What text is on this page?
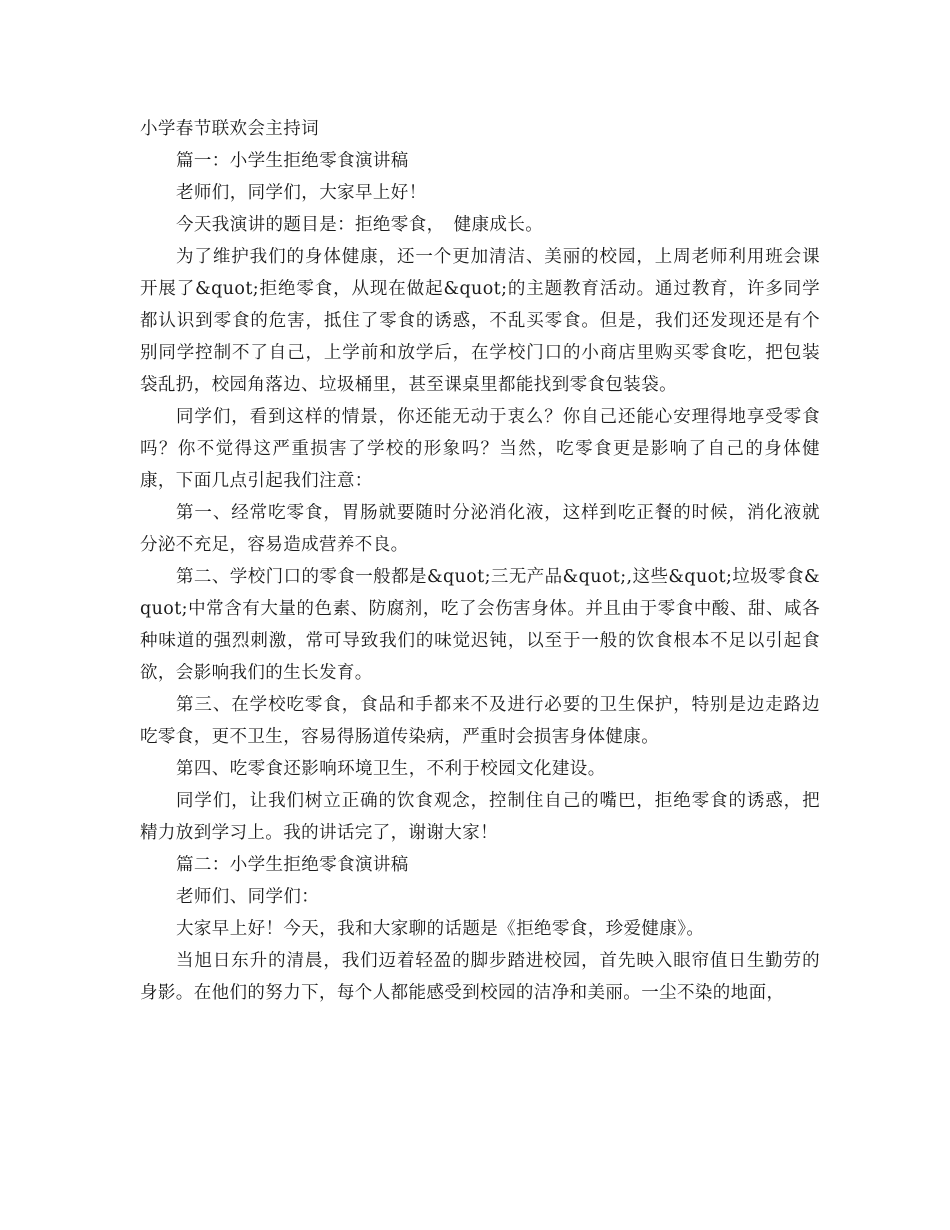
小学春节联欢会主持词

篇一：小学生拒绝零食演讲稿

老师们，同学们，大家早上好！

今天我演讲的题目是：拒绝零食，　健康成长。

为了维护我们的身体健康，还一个更加清洁、美丽的校园，上周老师利用班会课开展了&quot;拒绝零食，从现在做起&quot;的主题教育活动。通过教育，许多同学都认识到零食的危害，抵住了零食的诱惑，不乱买零食。但是，我们还发现还是有个别同学控制不了自己，上学前和放学后，在学校门口的小商店里购买零食吃，把包装袋乱扔，校园角落边、垃圾桶里，甚至课桌里都能找到零食包装袋。

同学们，看到这样的情景，你还能无动于衷么？你自己还能心安理得地享受零食吗？你不觉得这严重损害了学校的形象吗？当然，吃零食更是影响了自己的身体健康，下面几点引起我们注意：

第一、经常吃零食，胃肠就要随时分泌消化液，这样到吃正餐的时候，消化液就分泌不充足，容易造成营养不良。

第二、学校门口的零食一般都是&quot;三无产品&quot;,这些&quot;垃圾零食&quot;中常含有大量的色素、防腐剂，吃了会伤害身体。并且由于零食中酸、甜、咸各种味道的强烈刺激，常可导致我们的味觉迟钝，以至于一般的饮食根本不足以引起食欲，会影响我们的生长发育。

第三、在学校吃零食，食品和手都来不及进行必要的卫生保护，特别是边走路边吃零食，更不卫生，容易得肠道传染病，严重时会损害身体健康。

第四、吃零食还影响环境卫生，不利于校园文化建设。

同学们，让我们树立正确的饮食观念，控制住自己的嘴巴，拒绝零食的诱惑，把精力放到学习上。我的讲话完了，谢谢大家！

篇二：小学生拒绝零食演讲稿

老师们、同学们：

大家早上好！今天，我和大家聊的话题是《拒绝零食，珍爱健康》。

当旭日东升的清晨，我们迈着轻盈的脚步踏进校园，首先映入眼帘值日生勤劳的身影。在他们的努力下，每个人都能感受到校园的洁净和美丽。一尘不染的地面，
